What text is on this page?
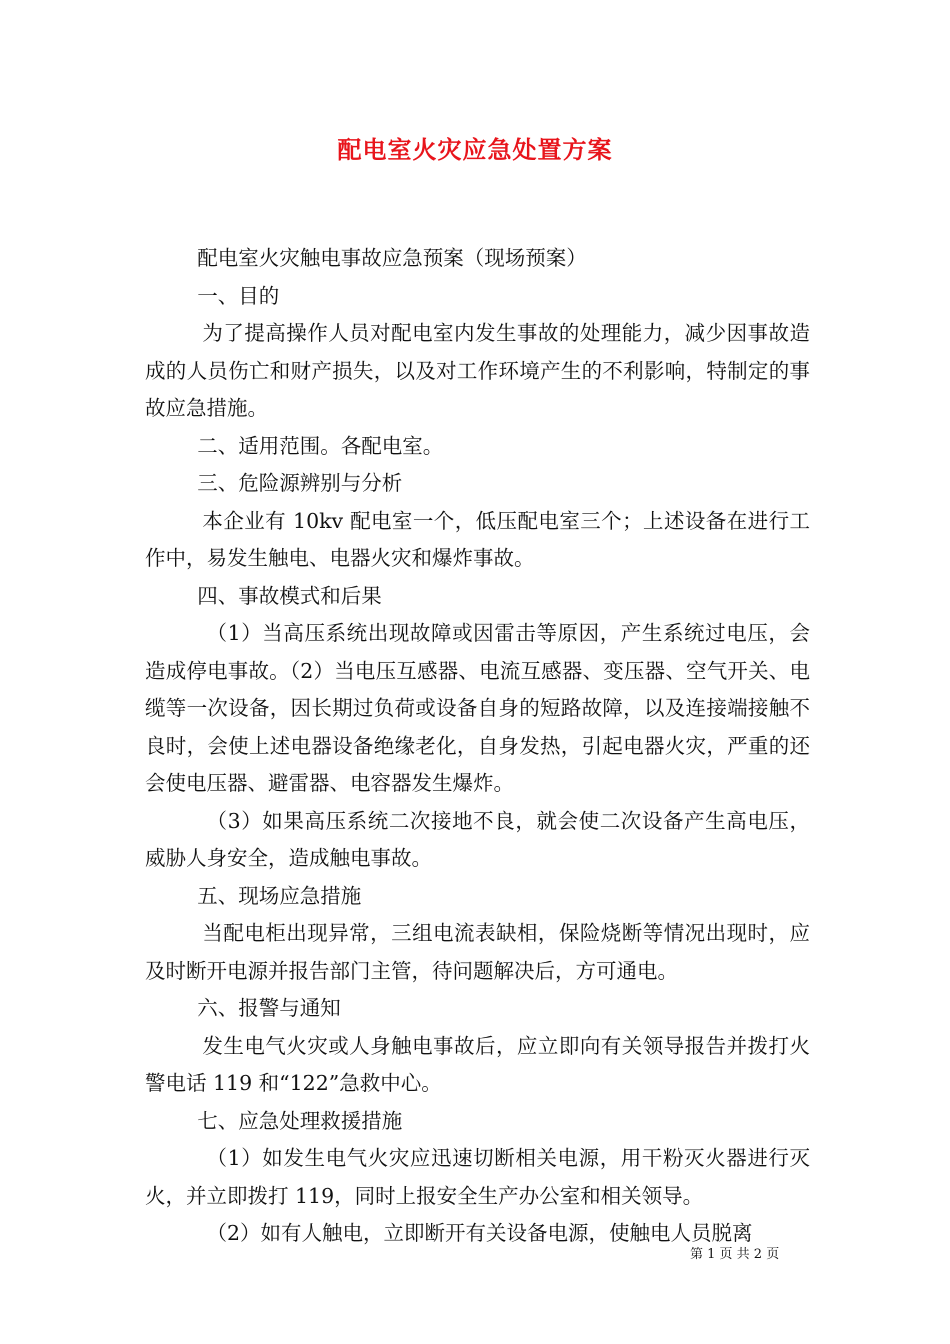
配电室火灾应急处置方案

配电室火灾触电事故应急预案（现场预案）

一、目的

为了提高操作人员对配电室内发生事故的处理能力，减少因事故造成的人员伤亡和财产损失，以及对工作环境产生的不利影响，特制定的事故应急措施。

二、适用范围。各配电室。

三、危险源辨别与分析

本企业有 10kv 配电室一个，低压配电室三个；上述设备在进行工作中，易发生触电、电器火灾和爆炸事故。

四、事故模式和后果

（1）当高压系统出现故障或因雷击等原因，产生系统过电压，会造成停电事故。（2）当电压互感器、电流互感器、变压器、空气开关、电缆等一次设备，因长期过负荷或设备自身的短路故障，以及连接端接触不良时，会使上述电器设备绝缘老化，自身发热，引起电器火灾，严重的还会使电压器、避雷器、电容器发生爆炸。

（3）如果高压系统二次接地不良，就会使二次设备产生高电压，威胁人身安全，造成触电事故。

五、现场应急措施

当配电柜出现异常，三组电流表缺相，保险烧断等情况出现时，应及时断开电源并报告部门主管，待问题解决后，方可通电。

六、报警与通知

发生电气火灾或人身触电事故后，应立即向有关领导报告并拨打火警电话 119 和“122”急救中心。

七、应急处理救援措施

（1）如发生电气火灾应迅速切断相关电源，用干粉灭火器进行灭火，并立即拨打 119，同时上报安全生产办公室和相关领导。

（2）如有人触电，立即断开有关设备电源，使触电人员脱离

第 1 页 共 2 页
